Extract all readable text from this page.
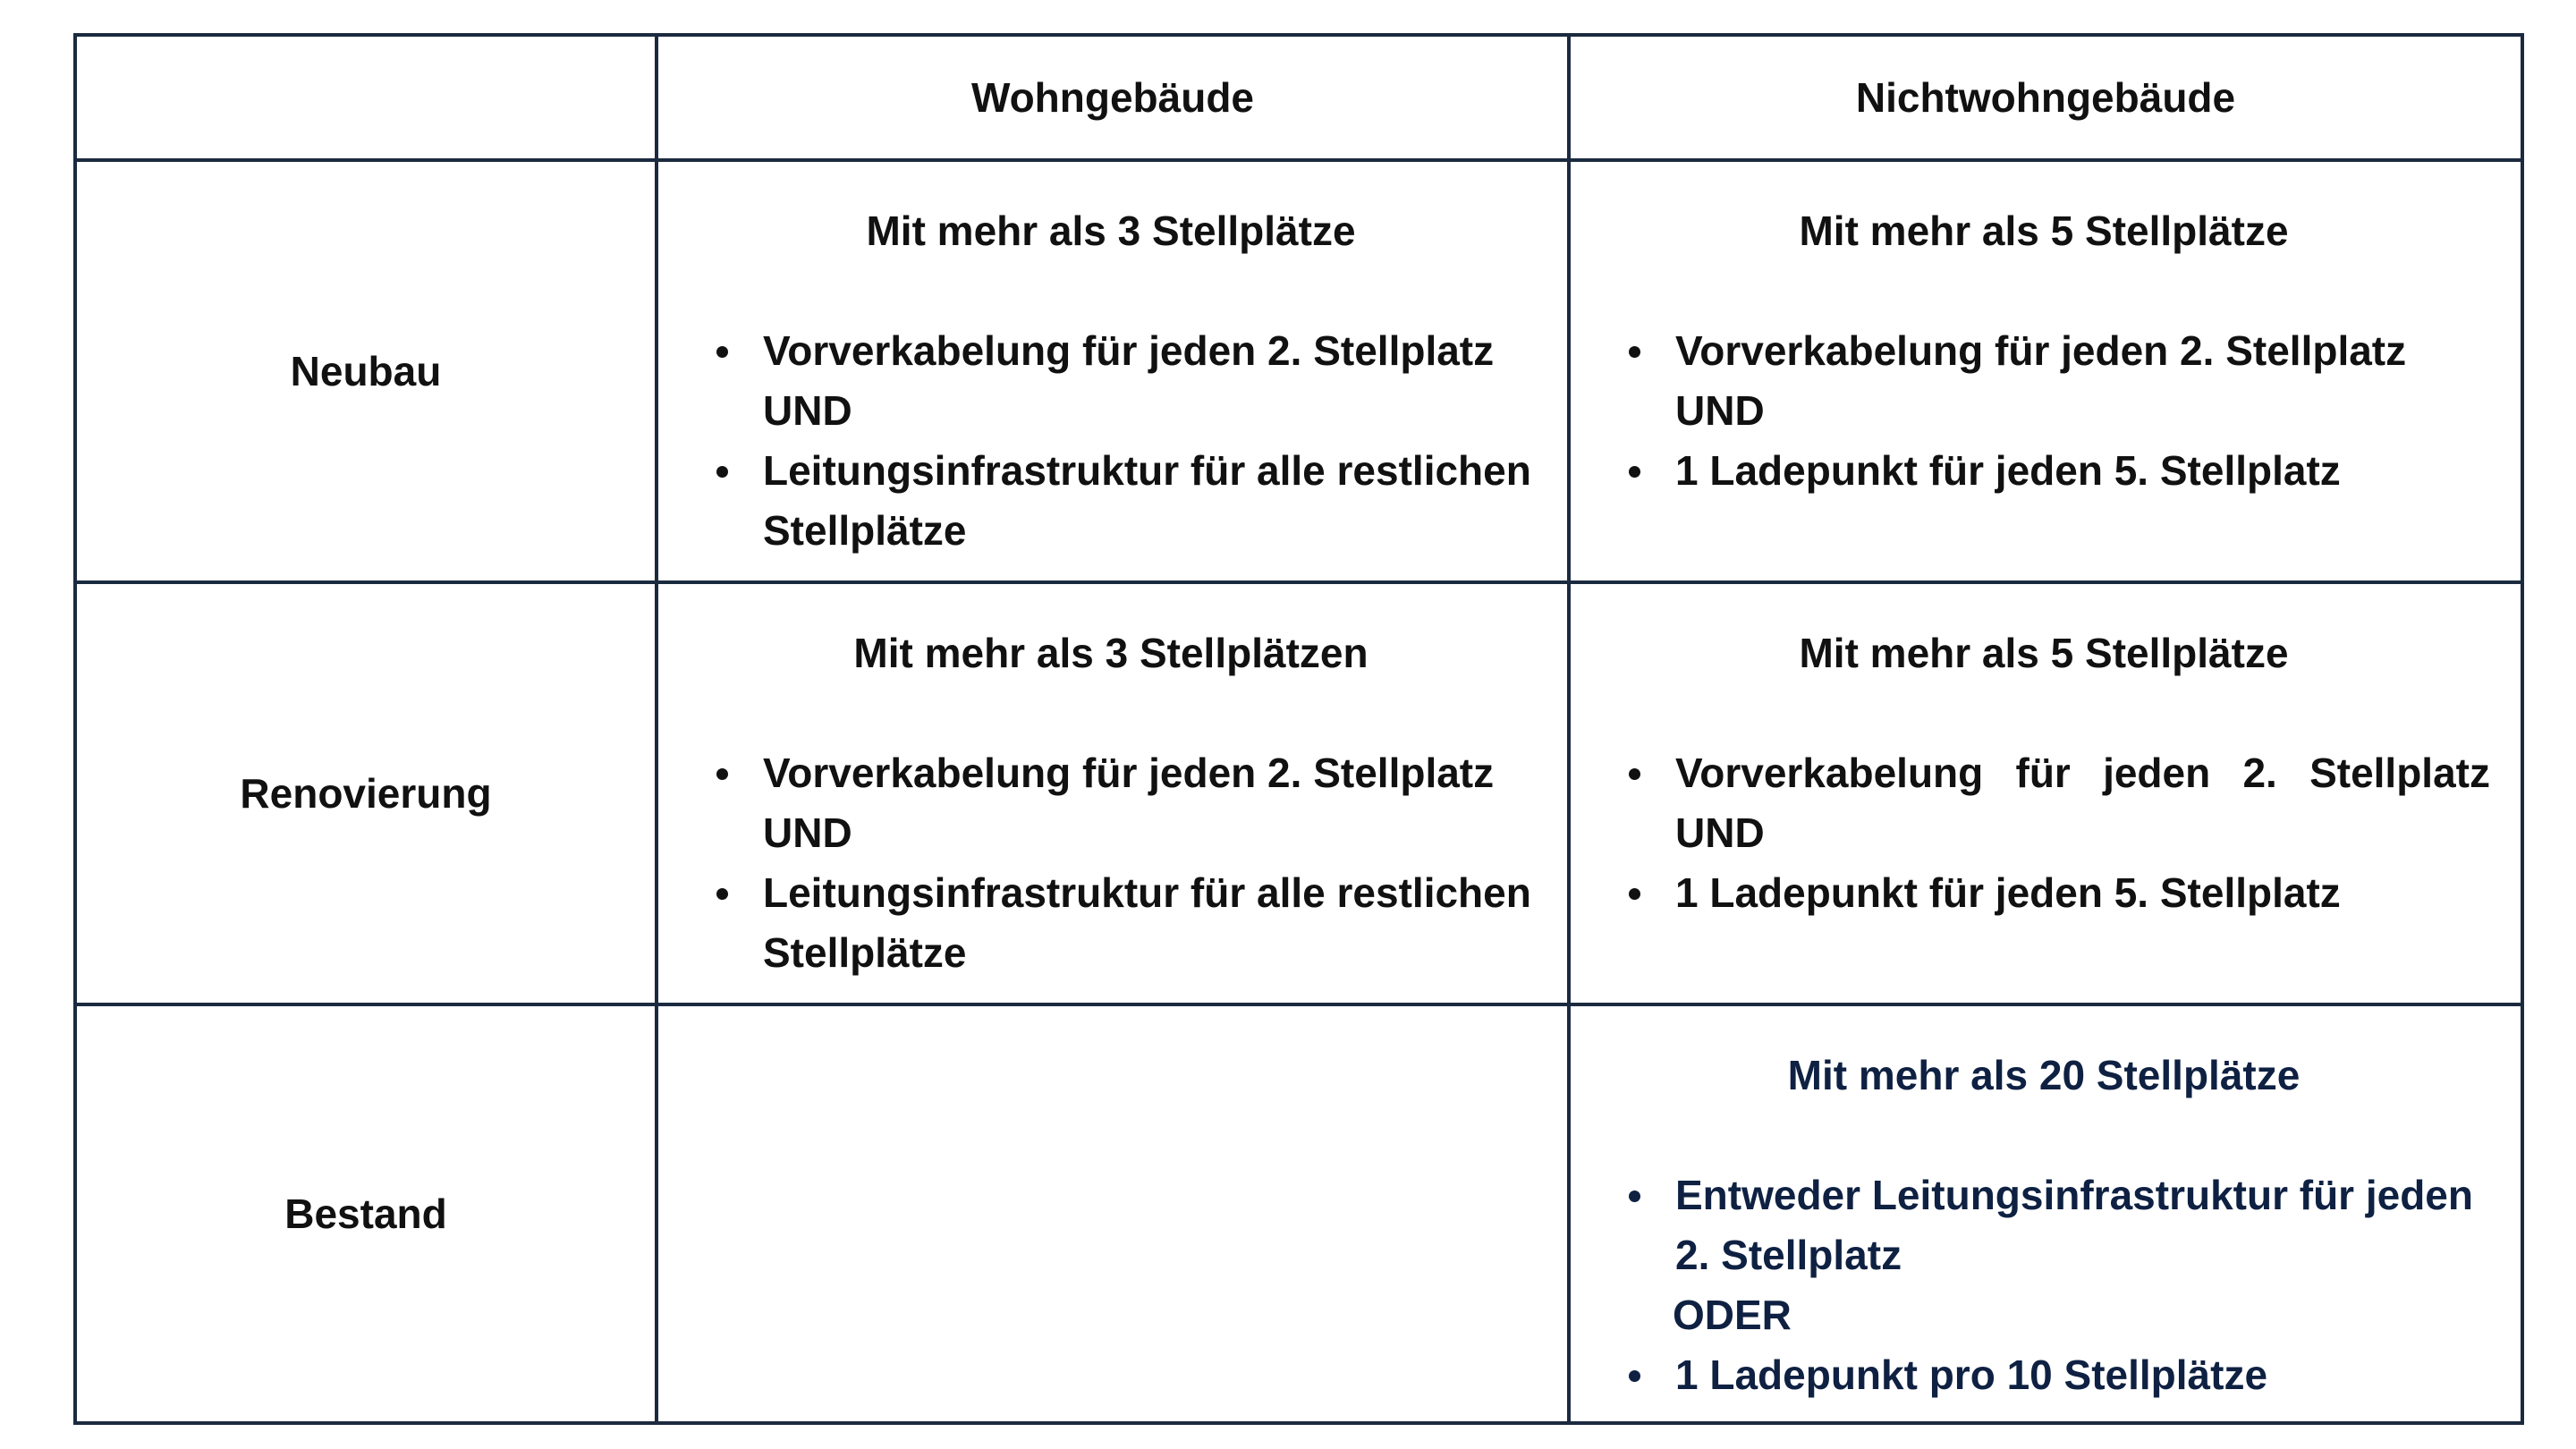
Wohngebäude	Nichtwohngebäude
Neubau
Mit mehr als 3 Stellplätze
Vorverkabelung für jeden 2. Stellplatz
UND
Leitungsinfrastruktur für alle restlichen
Stellplätze
Mit mehr als 5 Stellplätze
Vorverkabelung für jeden 2. Stellplatz
UND
1 Ladepunkt für jeden 5. Stellplatz
Renovierung
Mit mehr als 3 Stellplätzen
Vorverkabelung für jeden 2. Stellplatz
UND
Leitungsinfrastruktur für alle restlichen
Stellplätze
Mit mehr als 5 Stellplätze
Vorverkabelung für jeden 2. Stellplatz
UND
1 Ladepunkt für jeden 5. Stellplatz
Bestand
Mit mehr als 20 Stellplätze
Entweder Leitungsinfrastruktur für jeden
2. Stellplatz
ODER
1 Ladepunkt pro 10 Stellplätze
